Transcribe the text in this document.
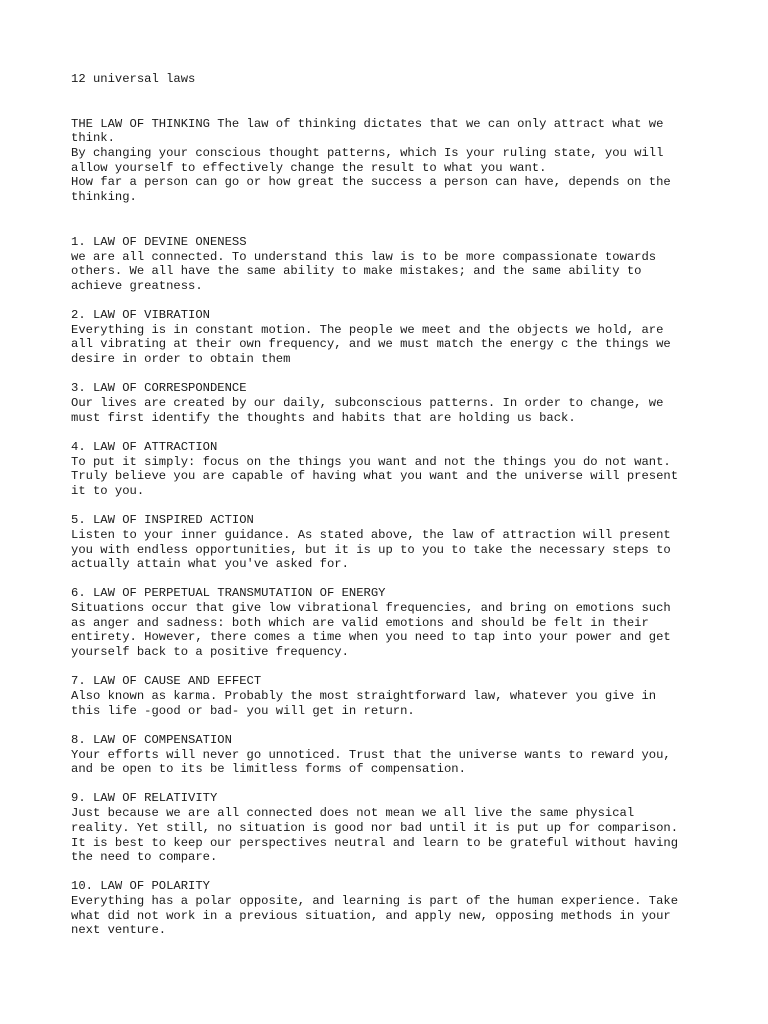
12 universal laws
THE LAW OF THINKING The law of thinking dictates that we can only attract what we
think.
By changing your conscious thought patterns, which Is your ruling state, you will
allow yourself to effectively change the result to what you want.
How far a person can go or how great the success a person can have, depends on the
thinking.
1. LAW OF DEVINE ONENESS
we are all connected. To understand this law is to be more compassionate towards
others. We all have the same ability to make mistakes; and the same ability to
achieve greatness.
2. LAW OF VIBRATION
Everything is in constant motion. The people we meet and the objects we hold, are
all vibrating at their own frequency, and we must match the energy c the things we
desire in order to obtain them
3. LAW OF CORRESPONDENCE
Our lives are created by our daily, subconscious patterns. In order to change, we
must first identify the thoughts and habits that are holding us back.
4. LAW OF ATTRACTION
To put it simply: focus on the things you want and not the things you do not want.
Truly believe you are capable of having what you want and the universe will present
it to you.
5. LAW OF INSPIRED ACTION
Listen to your inner guidance. As stated above, the law of attraction will present
you with endless opportunities, but it is up to you to take the necessary steps to
actually attain what you've asked for.
6. LAW OF PERPETUAL TRANSMUTATION OF ENERGY
Situations occur that give low vibrational frequencies, and bring on emotions such
as anger and sadness: both which are valid emotions and should be felt in their
entirety. However, there comes a time when you need to tap into your power and get
yourself back to a positive frequency.
7. LAW OF CAUSE AND EFFECT
Also known as karma. Probably the most straightforward law, whatever you give in
this life -good or bad- you will get in return.
8. LAW OF COMPENSATION
Your efforts will never go unnoticed. Trust that the universe wants to reward you,
and be open to its be limitless forms of compensation.
9. LAW OF RELATIVITY
Just because we are all connected does not mean we all live the same physical
reality. Yet still, no situation is good nor bad until it is put up for comparison.
It is best to keep our perspectives neutral and learn to be grateful without having
the need to compare.
10. LAW OF POLARITY
Everything has a polar opposite, and learning is part of the human experience. Take
what did not work in a previous situation, and apply new, opposing methods in your
next venture.
